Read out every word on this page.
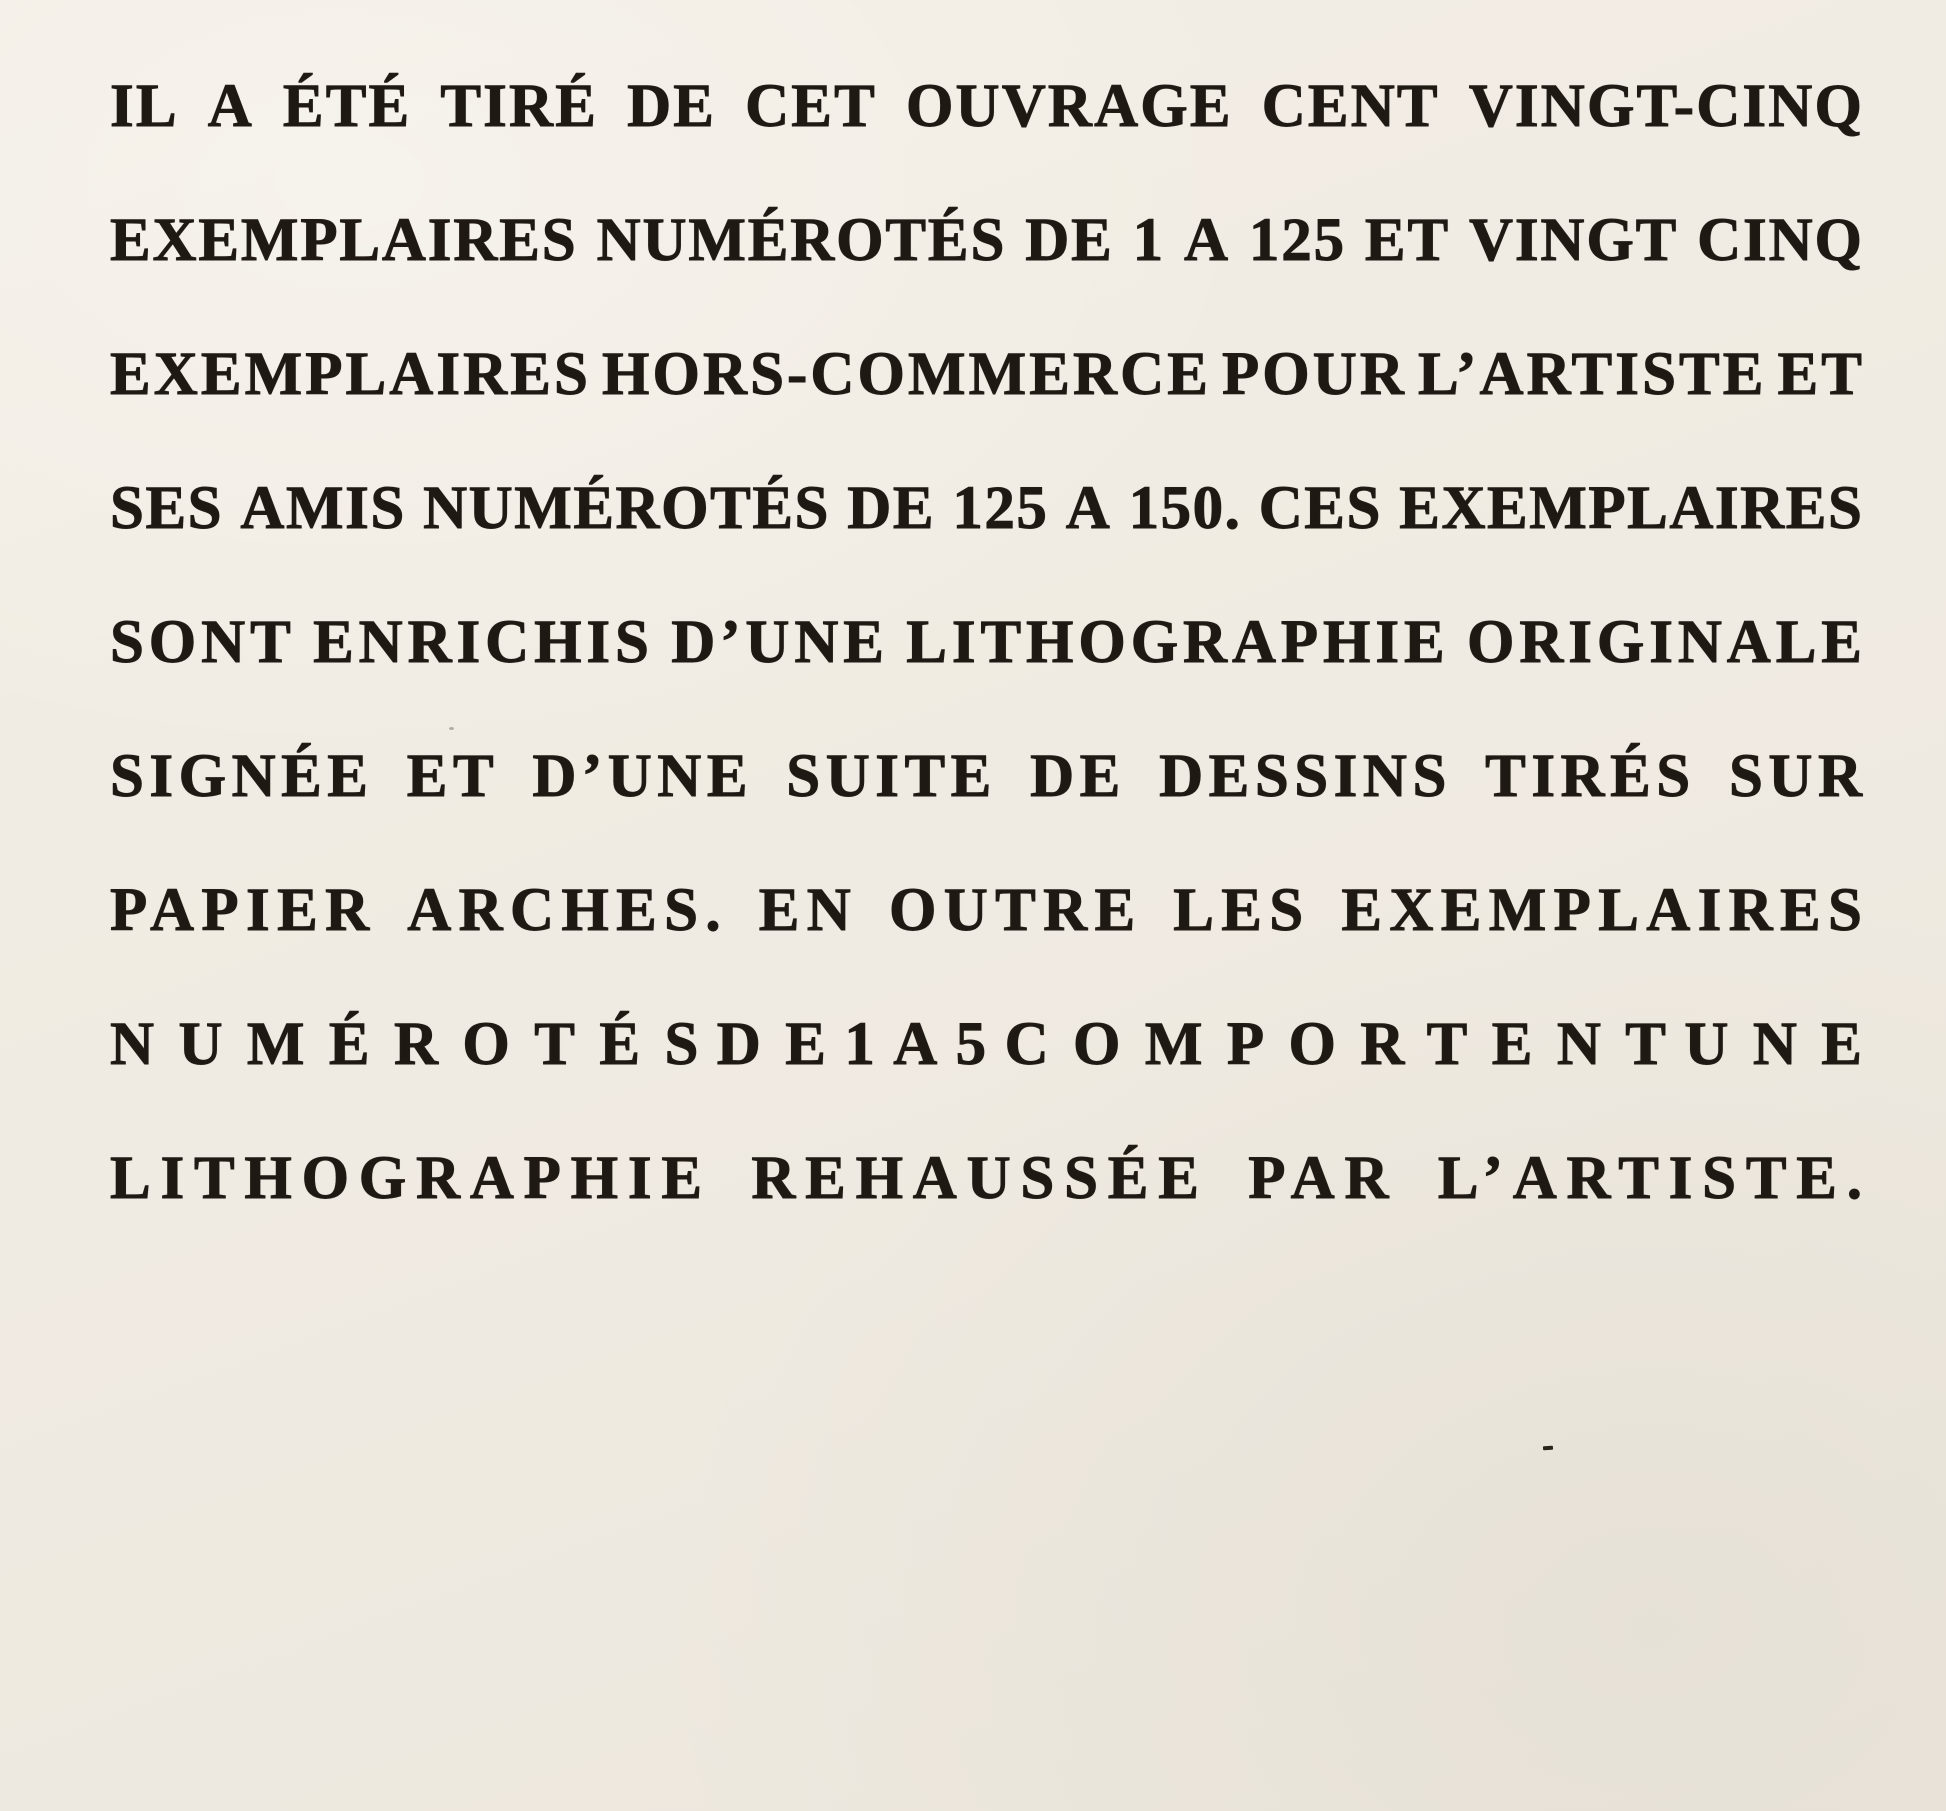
IL A ÉTÉ TIRÉ DE CET OUVRAGE CENT VINGT-CINQ
EXEMPLAIRES NUMÉROTÉS DE 1 A 125 ET VINGT CINQ
EXEMPLAIRES HORS-COMMERCE POUR L’ARTISTE ET
SES AMIS NUMÉROTÉS DE 125 A 150. CES EXEMPLAIRES
SONT ENRICHIS D’UNE LITHOGRAPHIE ORIGINALE
SIGNÉE ET D’UNE SUITE DE DESSINS TIRÉS SUR
PAPIER ARCHES. EN OUTRE LES EXEMPLAIRES
NUMÉROTÉS
DE
1
A
5
COMPORTENT
UNE
LITHOGRAPHIE REHAUSSÉE PAR L’ARTISTE.
